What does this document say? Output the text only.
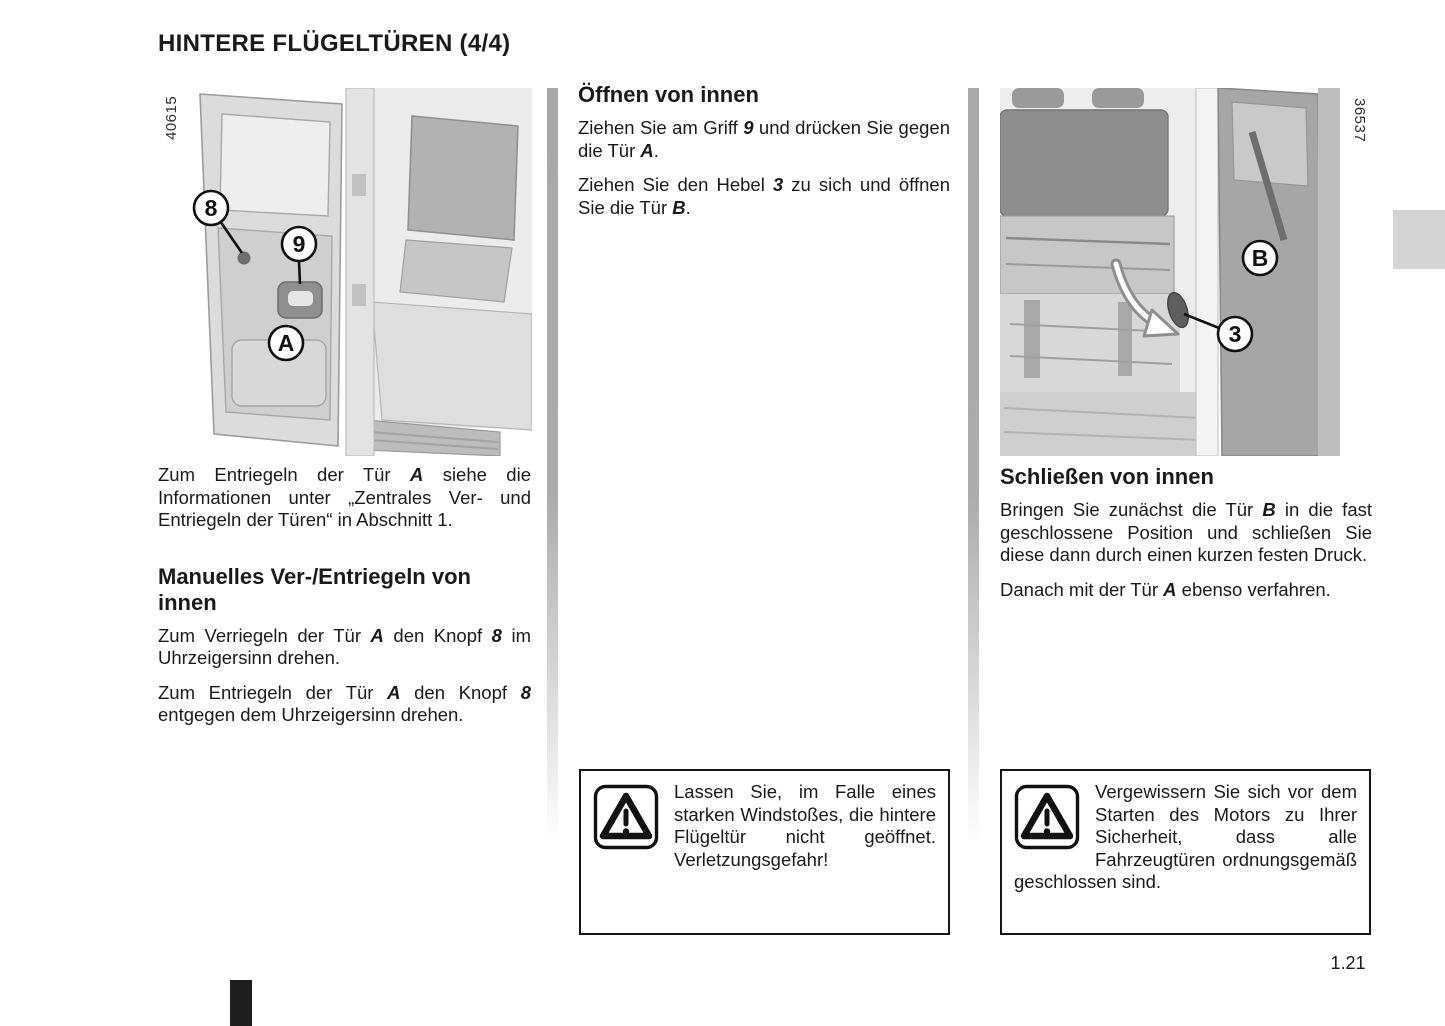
HINTERE FLÜGELTÜREN (4/4)
8
9
A
40615
B
3
36537

Zum Entriegeln der Tür A siehe die Informationen unter „Zentrales Ver- und Entriegeln der Türen“ in Abschnitt 1.

Manuelles Ver-/Entriegeln von innen

Zum Verriegeln der Tür A den Knopf 8 im Uhrzeigersinn drehen.

Zum Entriegeln der Tür A den Knopf 8 entgegen dem Uhrzeigersinn drehen.

Öffnen von innen

Ziehen Sie am Griff 9 und drücken Sie gegen die Tür A.

Ziehen Sie den Hebel 3 zu sich und öffnen Sie die Tür B.

Schließen von innen

Bringen Sie zunächst die Tür B in die fast geschlossene Position und schließen Sie diese dann durch einen kurzen festen Druck.

Danach mit der Tür A ebenso verfahren.

Lassen Sie, im Falle eines starken Windstoßes, die hintere Flügeltür nicht geöffnet. Verletzungsgefahr!

Vergewissern Sie sich vor dem Starten des Motors zu Ihrer Sicherheit, dass alle Fahrzeugtüren ordnungsgemäß geschlossen sind.

1.21
